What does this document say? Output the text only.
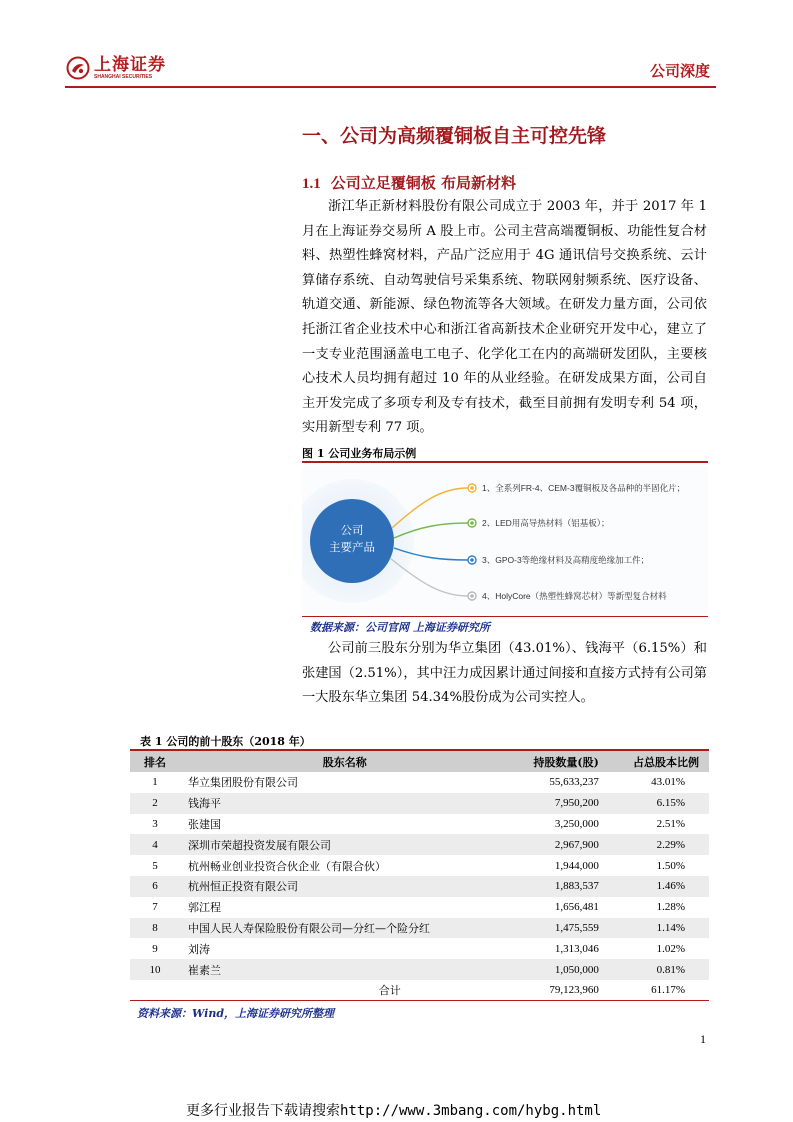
上海证券
SHANGHAI SECURITIES	公司深度
一、公司为高频覆铜板自主可控先锋
1.1 公司立足覆铜板 布局新材料
浙江华正新材料股份有限公司成立于 2003 年，并于 2017 年 1 月在上海证券交易所 A 股上市。公司主营高端覆铜板、功能性复合材料、热塑性蜂窝材料，产品广泛应用于 4G 通讯信号交换系统、云计算储存系统、自动驾驶信号采集系统、物联网射频系统、医疗设备、轨道交通、新能源、绿色物流等各大领域。在研发力量方面，公司依托浙江省企业技术中心和浙江省高新技术企业研究开发中心，建立了一支专业范围涵盖电工电子、化学化工在内的高端研发团队，主要核心技术人员均拥有超过 10 年的从业经验。在研发成果方面，公司自主开发完成了多项专利及专有技术，截至目前拥有发明专利 54 项，实用新型专利 77 项。
图 1 公司业务布局示例
公司
主要产品
1、全系列FR-4、CEM-3覆铜板及各品种的半固化片；
2、LED用高导热材料（铝基板）；
3、GPO-3等绝缘材料及高精度绝缘加工件；
4、HolyCore（热塑性蜂窝芯材）等新型复合材料
数据来源：公司官网 上海证券研究所
公司前三股东分别为华立集团（43.01%）、钱海平（6.15%）和张建国（2.51%），其中汪力成因累计通过间接和直接方式持有公司第一大股东华立集团 54.34%股份成为公司实控人。
表 1 公司的前十股东（2018 年）
排名	股东名称	持股数量(股)	占总股本比例
1	华立集团股份有限公司	55,633,237	43.01%
2	钱海平	7,950,200	6.15%
3	张建国	3,250,000	2.51%
4	深圳市荣超投资发展有限公司	2,967,900	2.29%
5	杭州畅业创业投资合伙企业（有限合伙）	1,944,000	1.50%
6	杭州恒正投资有限公司	1,883,537	1.46%
7	郭江程	1,656,481	1.28%
8	中国人民人寿保险股份有限公司—分红—个险分红	1,475,559	1.14%
9	刘涛	1,313,046	1.02%
10	崔素兰	1,050,000	0.81%
	合计	79,123,960	61.17%
资料来源：Wind，上海证券研究所整理
1
更多行业报告下载请搜索http://www.3mbang.com/hybg.html
